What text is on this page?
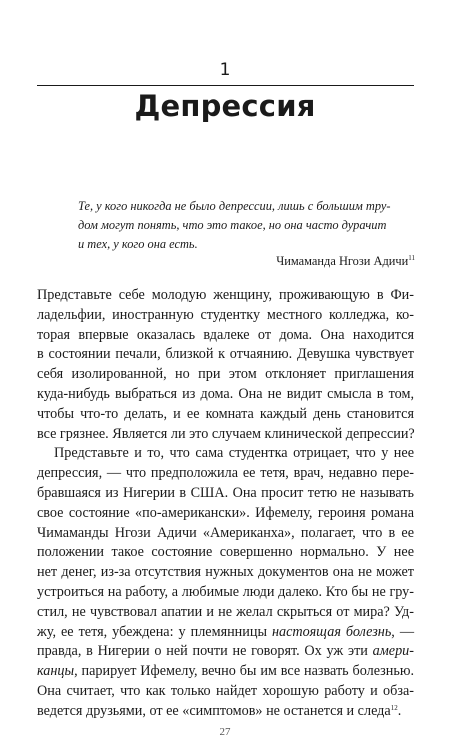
1
Депрессия
Те, у кого никогда не было депрессии, лишь с большим тру-
дом могут понять, что это такое, но она часто дурачит
и тех, у кого она есть.
Чимаманда Нгози Адичи$^{11}$
Представьте себе молодую женщину, проживающую в Фи-
ладельфии, иностранную студентку местного колледжа, ко-
торая впервые оказалась вдалеке от дома. Она находится
в состоянии печали, близкой к отчаянию. Девушка чувствует
себя изолированной, но при этом отклоняет приглашения
куда-нибудь выбраться из дома. Она не видит смысла в том,
чтобы что-то делать, и ее комната каждый день становится
все грязнее. Является ли это случаем клинической депрессии?
Представьте и то, что сама студентка отрицает, что у нее
депрессия, — что предположила ее тетя, врач, недавно пере-
бравшаяся из Нигерии в США. Она просит тетю не называть
свое состояние «по-американски». Ифемелу, героиня романа
Чимаманды Нгози Адичи «Американха», полагает, что в ее
положении такое состояние совершенно нормально. У нее
нет денег, из-за отсутствия нужных документов она не может
устроиться на работу, а любимые люди далеко. Кто бы не гру-
стил, не чувствовал апатии и не желал скрыться от мира? Уд-
жу, ее тетя, убеждена: у племянницы настоящая болезнь, —
правда, в Нигерии о ней почти не говорят. Ох уж эти амери-
канцы, парирует Ифемелу, вечно бы им все назвать болезнью.
Она считает, что как только найдет хорошую работу и обза-
ведется друзьями, от ее «симптомов» не останется и следа$^{12}$.
27
